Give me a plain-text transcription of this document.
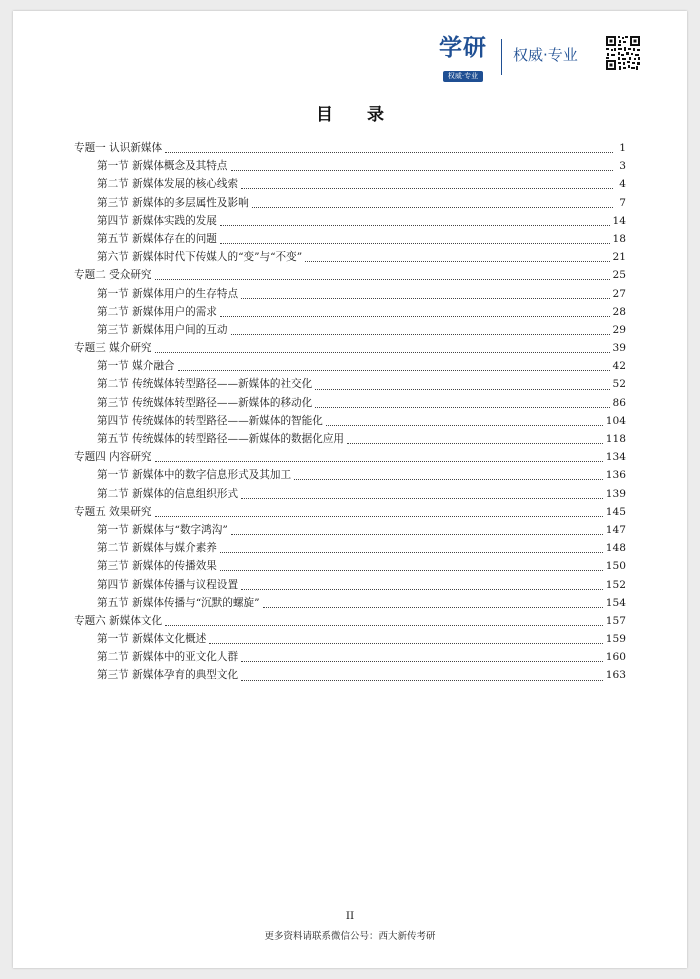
学研
权威·专业
权威·专业
目 录
专题一 认识新媒体	1
第一节 新媒体概念及其特点	3
第二节 新媒体发展的核心线索	4
第三节 新媒体的多层属性及影响	7
第四节 新媒体实践的发展	14
第五节 新媒体存在的问题	18
第六节 新媒体时代下传媒人的“变”与“不变”	21
专题二 受众研究	25
第一节 新媒体用户的生存特点	27
第二节 新媒体用户的需求	28
第三节 新媒体用户间的互动	29
专题三 媒介研究	39
第一节 媒介融合	42
第二节 传统媒体转型路径——新媒体的社交化	52
第三节 传统媒体转型路径——新媒体的移动化	86
第四节 传统媒体的转型路径——新媒体的智能化	104
第五节 传统媒体的转型路径——新媒体的数据化应用	118
专题四 内容研究	134
第一节 新媒体中的数字信息形式及其加工	136
第二节 新媒体的信息组织形式	139
专题五 效果研究	145
第一节 新媒体与“数字鸿沟”	147
第二节 新媒体与媒介素养	148
第三节 新媒体的传播效果	150
第四节 新媒体传播与议程设置	152
第五节 新媒体传播与“沉默的螺旋”	154
专题六 新媒体文化	157
第一节 新媒体文化概述	159
第二节 新媒体中的亚文化人群	160
第三节 新媒体孕育的典型文化	163
II
更多资料请联系微信公号：西大新传考研
